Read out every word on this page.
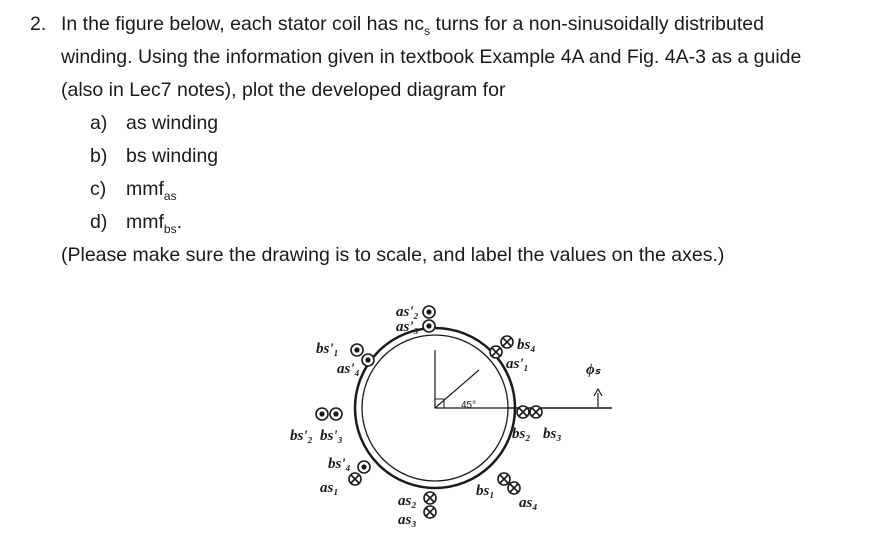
2. In the figure below, each stator coil has $nc_s$ turns for a non-sinusoidally distributed
winding. Using the information given in textbook Example 4A and Fig. 4A-3 as a guide
(also in Lec7 notes), plot the developed diagram for
a) as winding
b) bs winding
c) mmf$_{as}$
d) mmf$_{bs}$.
(Please make sure the drawing is to scale, and label the values on the axes.)
45°
as'₂
as'₃
bs'₁
as'₄
bs₄
as'₁	ϕₛ
bs'₂ bs'₃	bs₂ bs₃
bs'₄
as₁
as₂
as₃
bs₁
as₄
